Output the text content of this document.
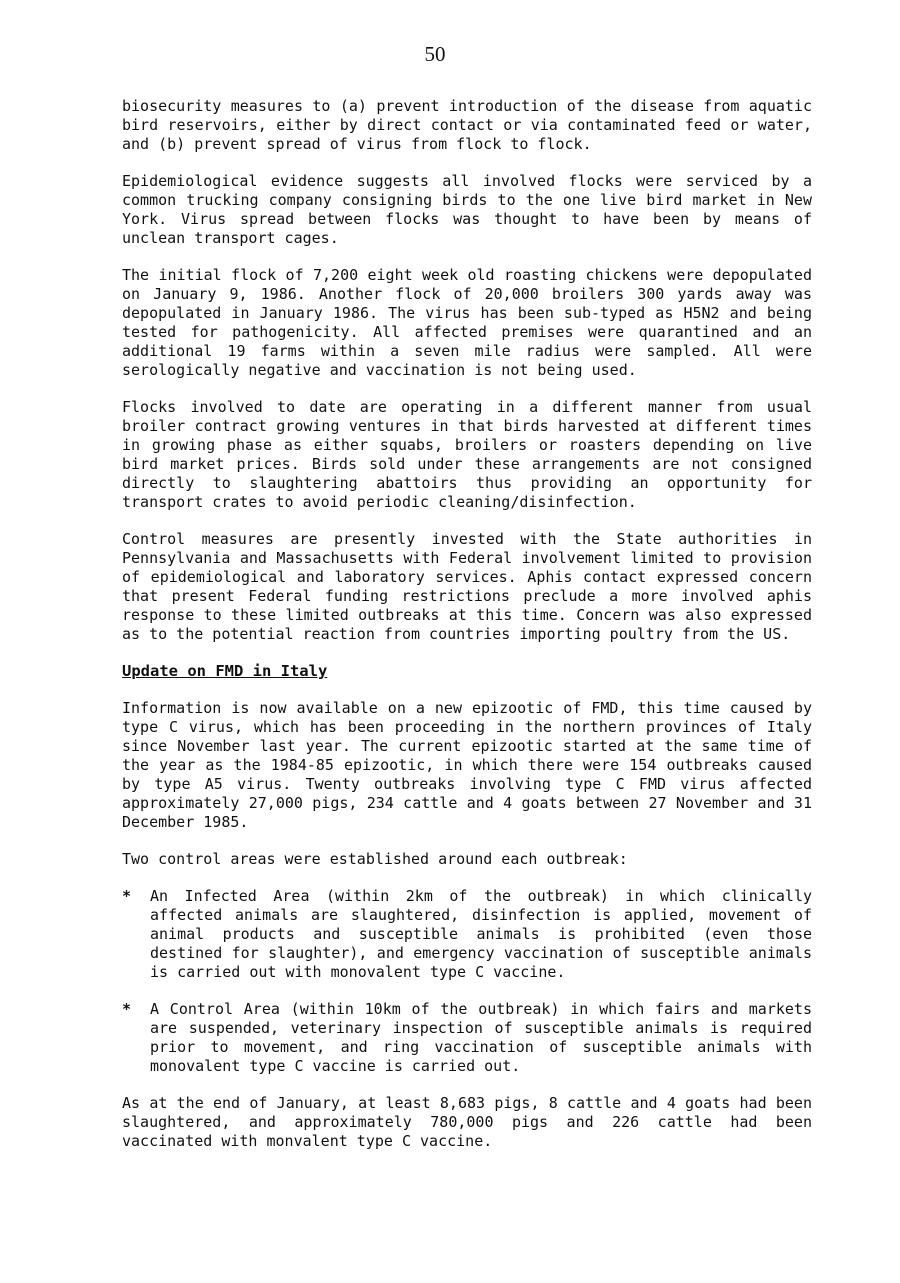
50

biosecurity measures to (a) prevent introduction of the disease from aquatic bird reservoirs, either by direct contact or via contaminated feed or water, and (b) prevent spread of virus from flock to flock.

Epidemiological evidence suggests all involved flocks were serviced by a common trucking company consigning birds to the one live bird market in New York. Virus spread between flocks was thought to have been by means of unclean transport cages.

The initial flock of 7,200 eight week old roasting chickens were depopulated on January 9, 1986. Another flock of 20,000 broilers 300 yards away was depopulated in January 1986. The virus has been sub-typed as H5N2 and being tested for pathogenicity. All affected premises were quarantined and an additional 19 farms within a seven mile radius were sampled. All were serologically negative and vaccination is not being used.

Flocks involved to date are operating in a different manner from usual broiler contract growing ventures in that birds harvested at different times in growing phase as either squabs, broilers or roasters depending on live bird market prices. Birds sold under these arrangements are not consigned directly to slaughtering abattoirs thus providing an opportunity for transport crates to avoid periodic cleaning/disinfection.

Control measures are presently invested with the State authorities in Pennsylvania and Massachusetts with Federal involvement limited to provision of epidemiological and laboratory services. Aphis contact expressed concern that present Federal funding restrictions preclude a more involved aphis response to these limited outbreaks at this time. Concern was also expressed as to the potential reaction from countries importing poultry from the US.

Update on FMD in Italy

Information is now available on a new epizootic of FMD, this time caused by type C virus, which has been proceeding in the northern provinces of Italy since November last year. The current epizootic started at the same time of the year as the 1984-85 epizootic, in which there were 154 outbreaks caused by type A5 virus. Twenty outbreaks involving type C FMD virus affected approximately 27,000 pigs, 234 cattle and 4 goats between 27 November and 31 December 1985.

Two control areas were established around each outbreak:

*	An Infected Area (within 2km of the outbreak) in which clinically affected animals are slaughtered, disinfection is applied, movement of animal products and susceptible animals is prohibited (even those destined for slaughter), and emergency vaccination of susceptible animals is carried out with monovalent type C vaccine.
*	A Control Area (within 10km of the outbreak) in which fairs and markets are suspended, veterinary inspection of susceptible animals is required prior to movement, and ring vaccination of susceptible animals with monovalent type C vaccine is carried out.

As at the end of January, at least 8,683 pigs, 8 cattle and 4 goats had been slaughtered, and approximately 780,000 pigs and 226 cattle had been vaccinated with monvalent type C vaccine.
